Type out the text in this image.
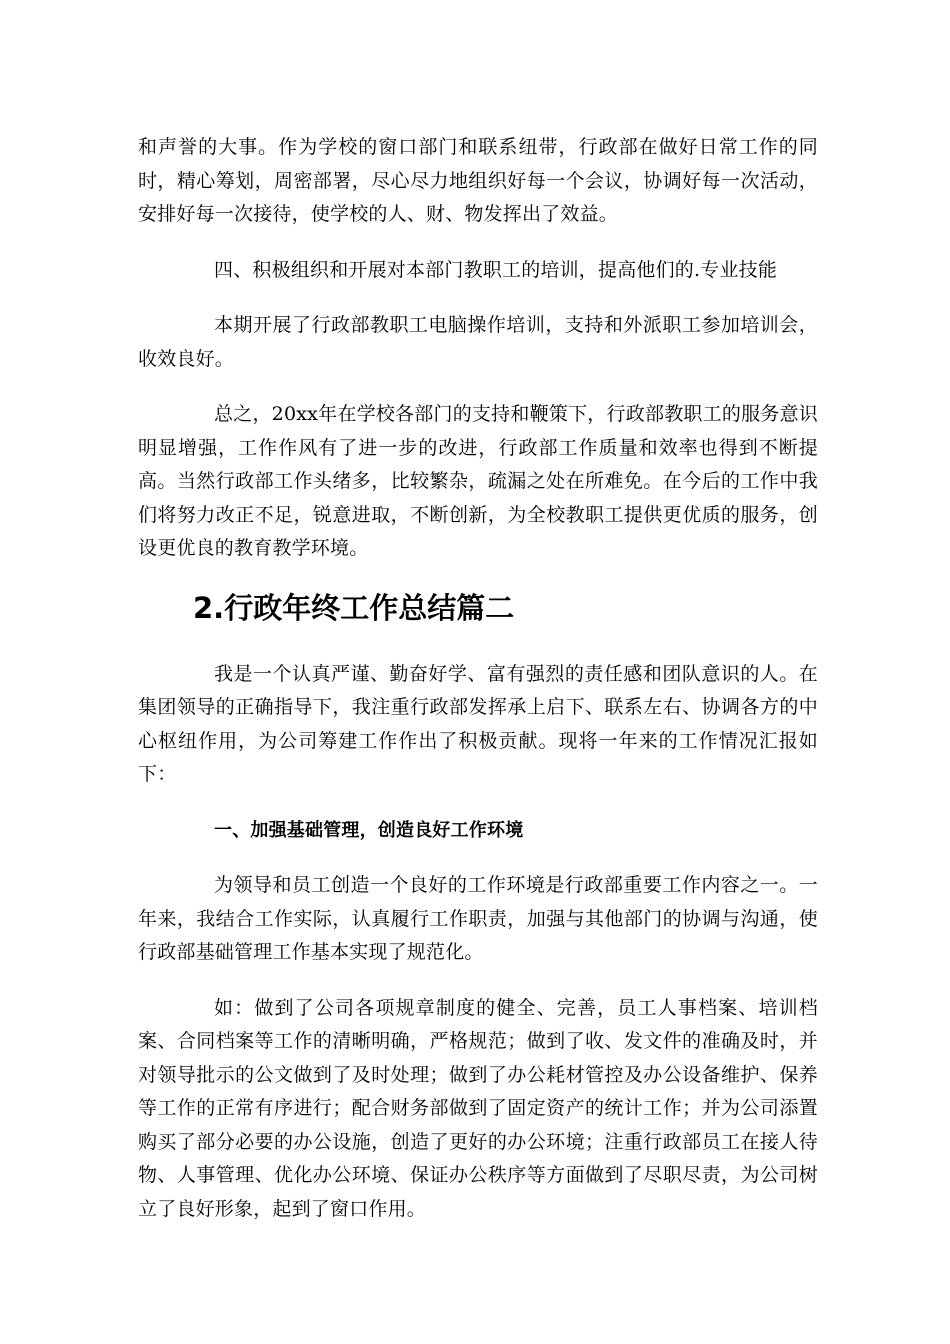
和声誉的大事。作为学校的窗口部门和联系纽带，行政部在做好日常工作的同时，精心筹划，周密部署，尽心尽力地组织好每一个会议，协调好每一次活动，安排好每一次接待，使学校的人、财、物发挥出了效益。

四、积极组织和开展对本部门教职工的培训，提高他们的.专业技能

本期开展了行政部教职工电脑操作培训，支持和外派职工参加培训会，收效良好。

总之，20xx年在学校各部门的支持和鞭策下，行政部教职工的服务意识明显增强，工作作风有了进一步的改进，行政部工作质量和效率也得到不断提高。当然行政部工作头绪多，比较繁杂，疏漏之处在所难免。在今后的工作中我们将努力改正不足，锐意进取，不断创新，为全校教职工提供更优质的服务，创设更优良的教育教学环境。

2.行政年终工作总结篇二

我是一个认真严谨、勤奋好学、富有强烈的责任感和团队意识的人。在集团领导的正确指导下，我注重行政部发挥承上启下、联系左右、协调各方的中心枢纽作用，为公司筹建工作作出了积极贡献。现将一年来的工作情况汇报如下：

一、加强基础管理，创造良好工作环境

为领导和员工创造一个良好的工作环境是行政部重要工作内容之一。一年来，我结合工作实际，认真履行工作职责，加强与其他部门的协调与沟通，使行政部基础管理工作基本实现了规范化。

如：做到了公司各项规章制度的健全、完善，员工人事档案、培训档案、合同档案等工作的清晰明确，严格规范；做到了收、发文件的准确及时，并对领导批示的公文做到了及时处理；做到了办公耗材管控及办公设备维护、保养等工作的正常有序进行；配合财务部做到了固定资产的统计工作；并为公司添置购买了部分必要的办公设施，创造了更好的办公环境；注重行政部员工在接人待物、人事管理、优化办公环境、保证办公秩序等方面做到了尽职尽责，为公司树立了良好形象，起到了窗口作用。
